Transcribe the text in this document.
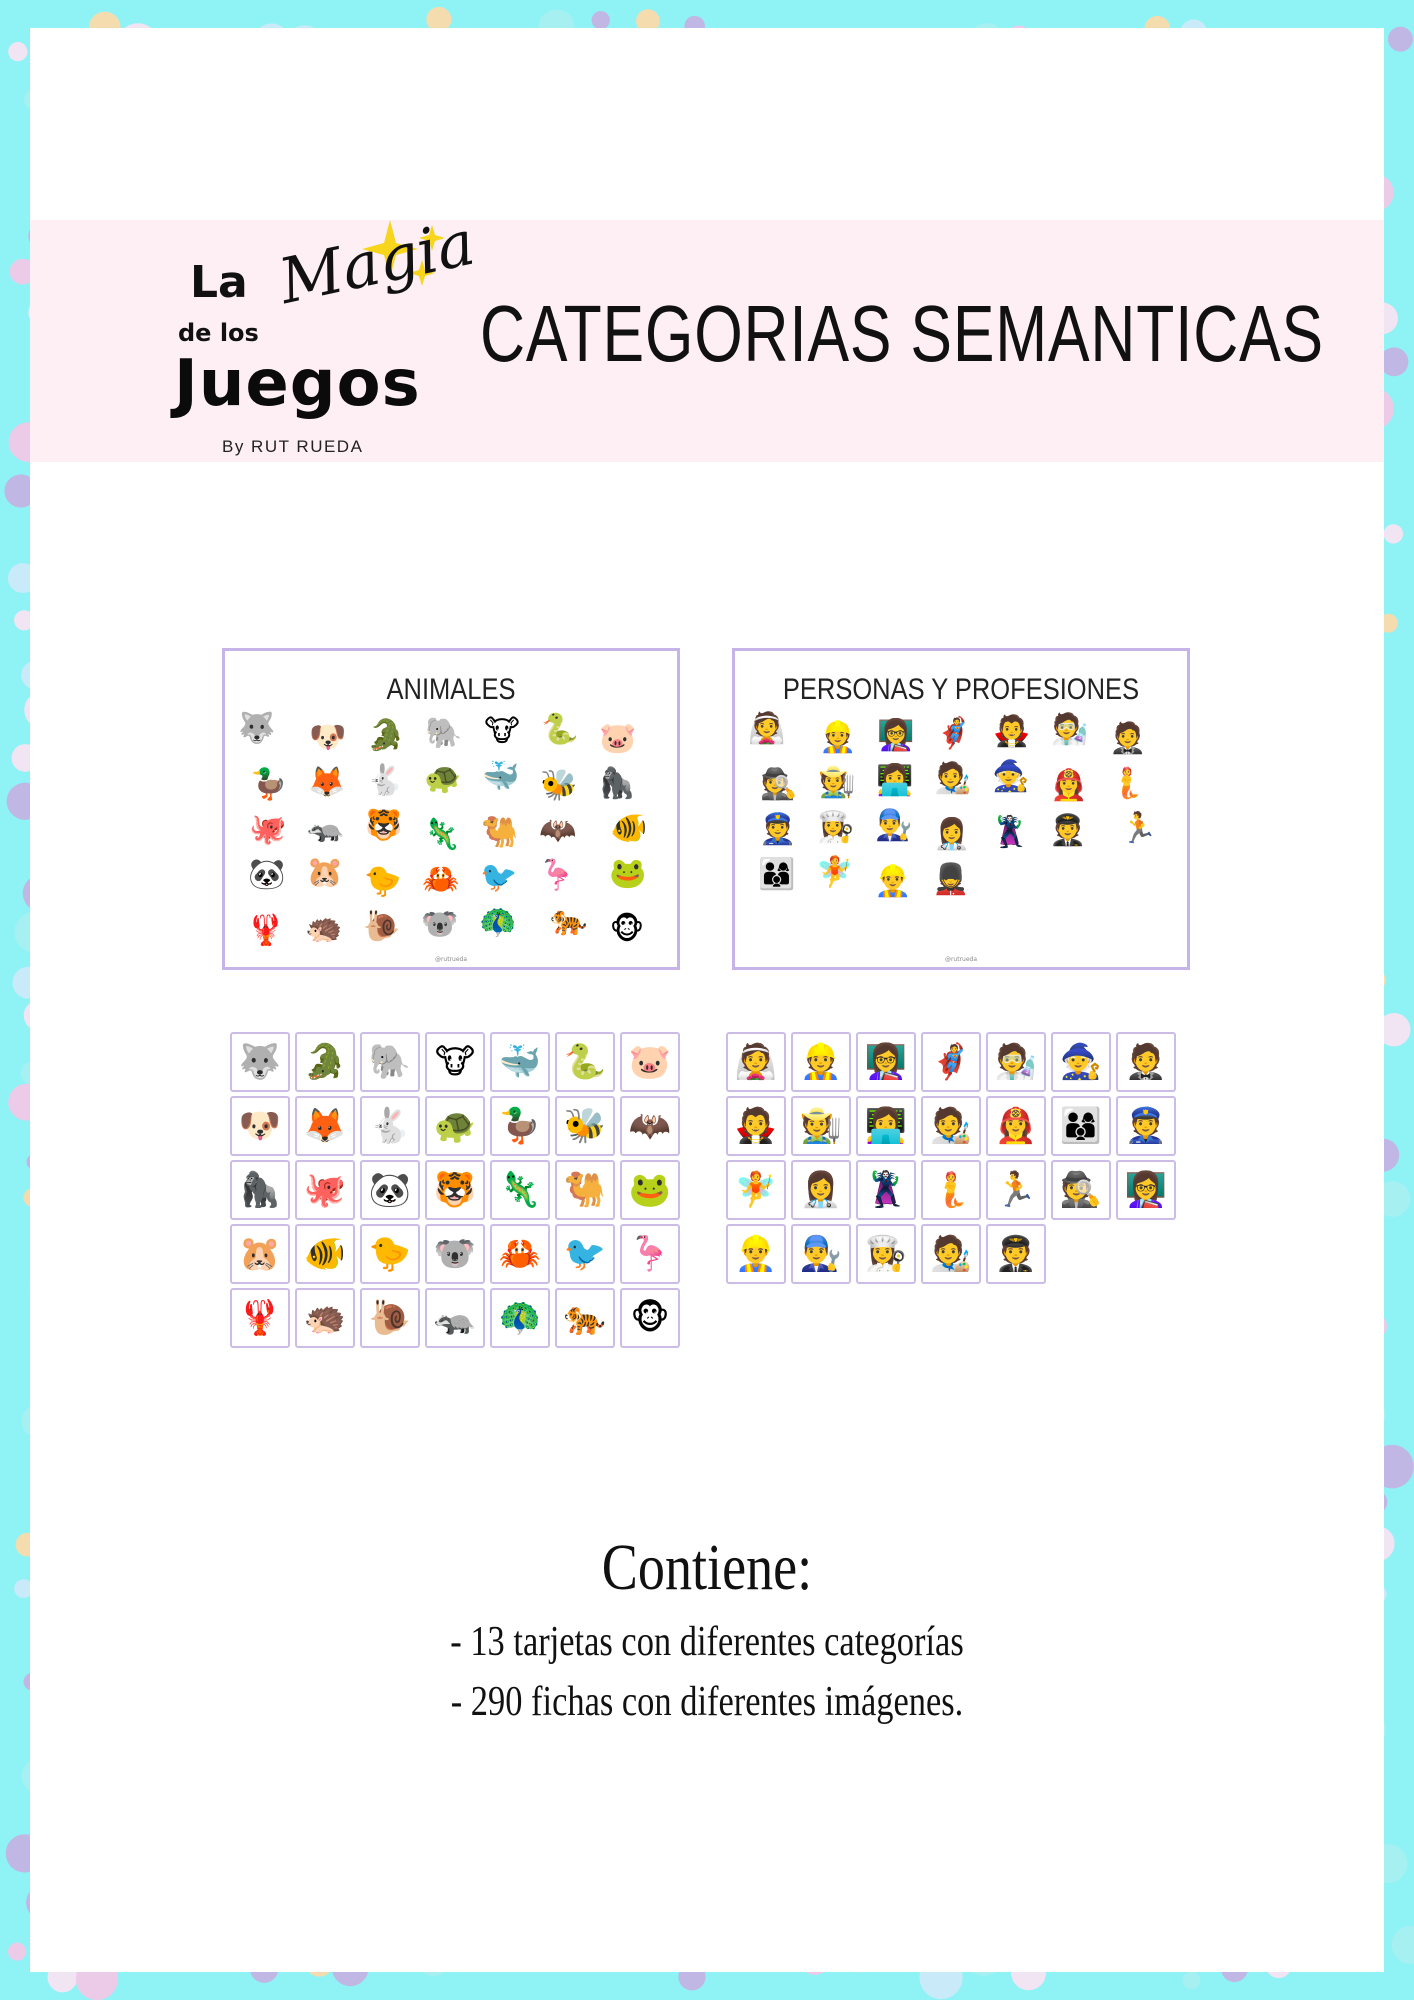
La
de los
Magia
Juegos
By RUT RUEDA
CATEGORIAS SEMANTICAS
ANIMALES
@rutrueda
🐺 🐶 🐊 🐘 🐮 🐍 🐷
🦆 🦊 🐇 🐢 🐳 🐝 🦍
🐙 🦡 🐯 🦎 🐫 🦇 🐠
🐼 🐹 🐤 🦀 🐦 🦩 🐸
🦞 🦔 🐌 🐨 🦚 🐅 🐵
PERSONAS Y PROFESIONES
@rutrueda
👰 👷 👩‍🏫 🦸 🧛 🧑‍🔬 🤵
🕵️ 🧑‍🌾 👩‍💻 🧑‍🎨 🧙 👩‍🚒 🧜
👮 👩‍🍳 👨‍🔧 👩‍⚕️ 🦹 🧑‍✈️ 🏃
👨‍👩‍👦 🧚 👷‍♂️ 💂
🐺 🐊 🐘 🐮 🐳 🐍 🐷
🐶 🦊 🐇 🐢 🦆 🐝 🦇
🦍 🐙 🐼 🐯 🦎 🐫 🐸
🐹 🐠 🐤 🐨 🦀 🐦 🦩
🦞 🦔 🐌 🦡 🦚 🐅 🐵
👰 👷 👩‍🏫 🦸 🧑‍🔬 🧙 🤵
🧛 🧑‍🌾 👩‍💻 🧑‍🎨 👩‍🚒 👨‍👩‍👦 👮
🧚 👩‍⚕️ 🦹 🧜 🏃 🕵️ 👩‍🏫
👷‍♂️ 👨‍🔧 👩‍🍳 🧑‍🎨 🧑‍✈️
Contiene:
- 13 tarjetas con diferentes categorías
- 290 fichas con diferentes imágenes.
